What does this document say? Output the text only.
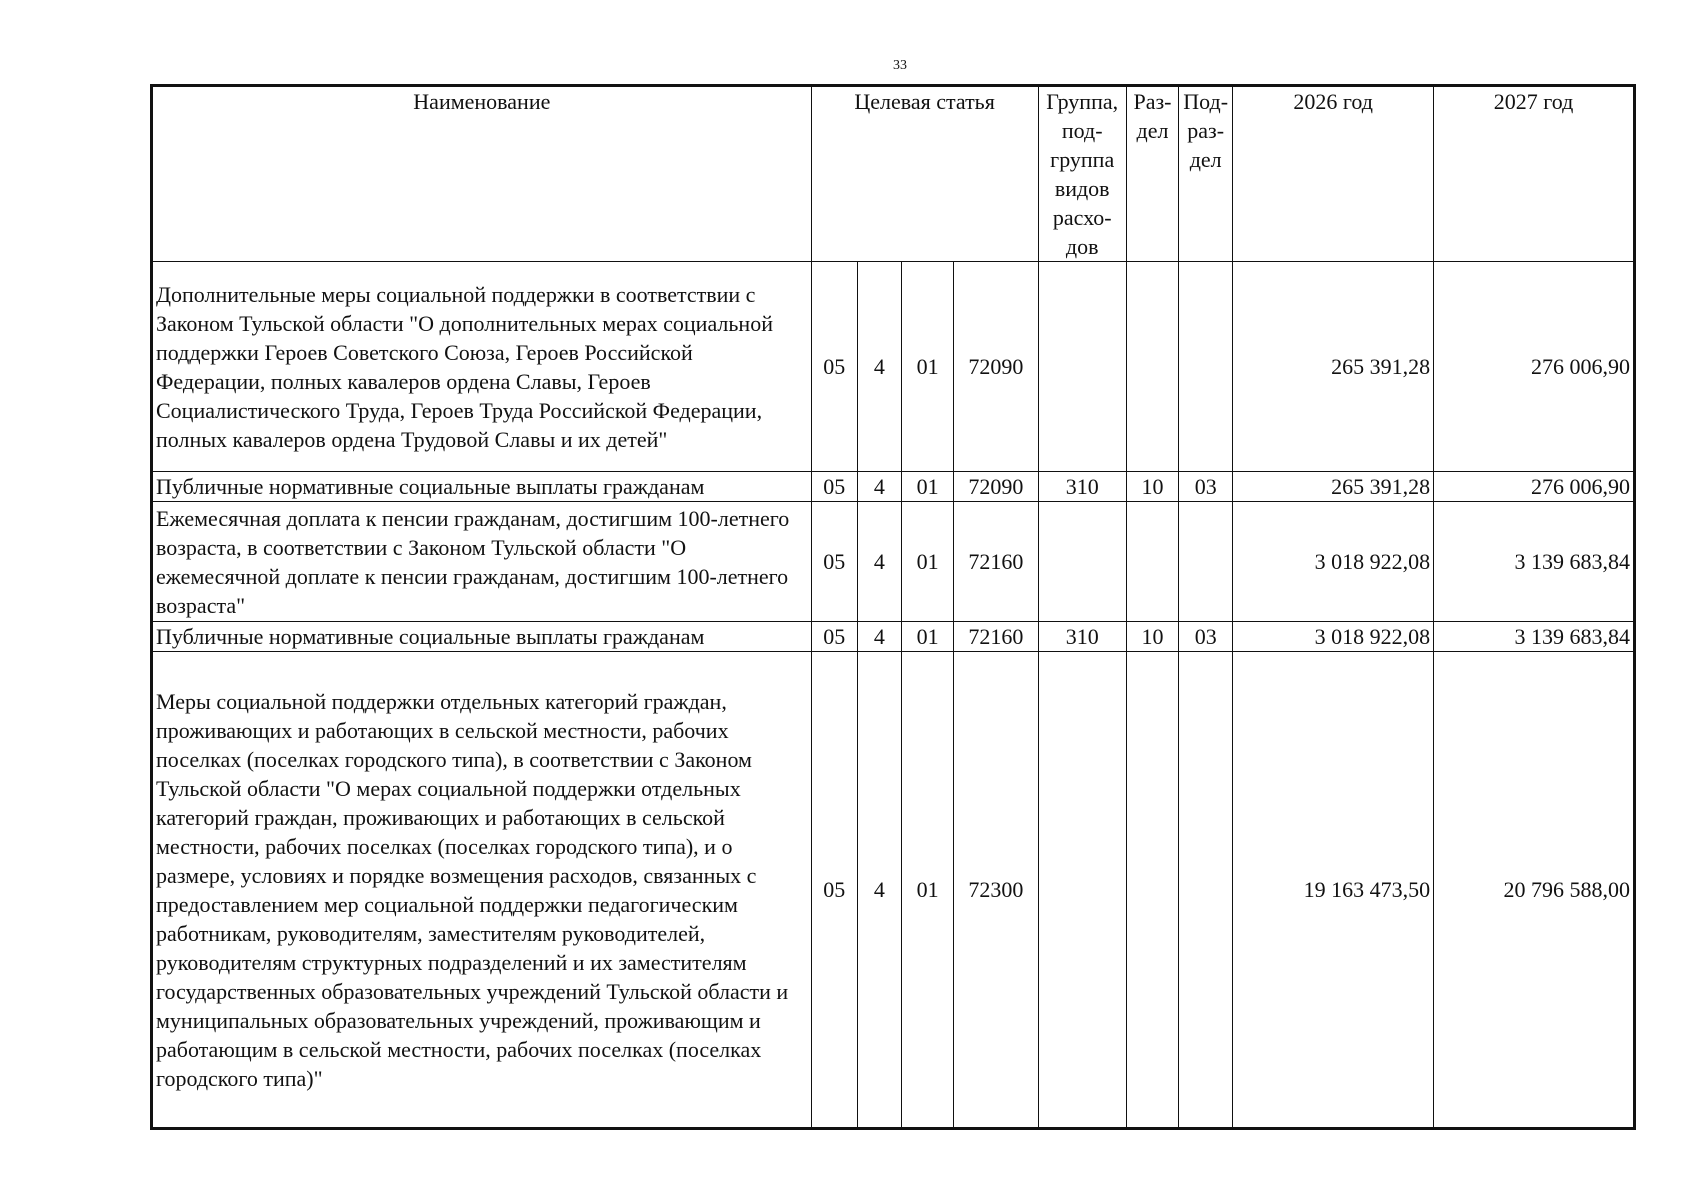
33
Наименование	Целевая статья				Группа, под-группа видов расхо-дов	Раз-дел	Под-раз-дел	2026 год	2027 год
Дополнительные меры социальной поддержки в соответствии с Законом Тульской области "О дополнительных мерах социальной поддержки Героев Советского Союза, Героев Российской Федерации, полных кавалеров ордена Славы, Героев Социалистического Труда, Героев Труда Российской Федерации, полных кавалеров ордена Трудовой Славы и их детей"	05	4	01	72090				265 391,28	276 006,90
Публичные нормативные социальные выплаты гражданам	05	4	01	72090	310	10	03	265 391,28	276 006,90
Ежемесячная доплата к пенсии гражданам, достигшим 100-летнего возраста, в соответствии с Законом Тульской области "О ежемесячной доплате к пенсии гражданам, достигшим 100-летнего возраста"	05	4	01	72160				3 018 922,08	3 139 683,84
Публичные нормативные социальные выплаты гражданам	05	4	01	72160	310	10	03	3 018 922,08	3 139 683,84
Меры социальной поддержки отдельных категорий граждан, проживающих и работающих в сельской местности, рабочих поселках (поселках городского типа), в соответствии с Законом Тульской области "О мерах социальной поддержки отдельных категорий граждан, проживающих и работающих в сельской местности, рабочих поселках (поселках городского типа), и о размере, условиях и порядке возмещения расходов, связанных с предоставлением мер социальной поддержки педагогическим работникам, руководителям, заместителям руководителей, руководителям структурных подразделений и их заместителям государственных образовательных учреждений Тульской области и муниципальных образовательных учреждений, проживающим и работающим в сельской местности, рабочих поселках (поселках городского типа)"	05	4	01	72300				19 163 473,50	20 796 588,00
